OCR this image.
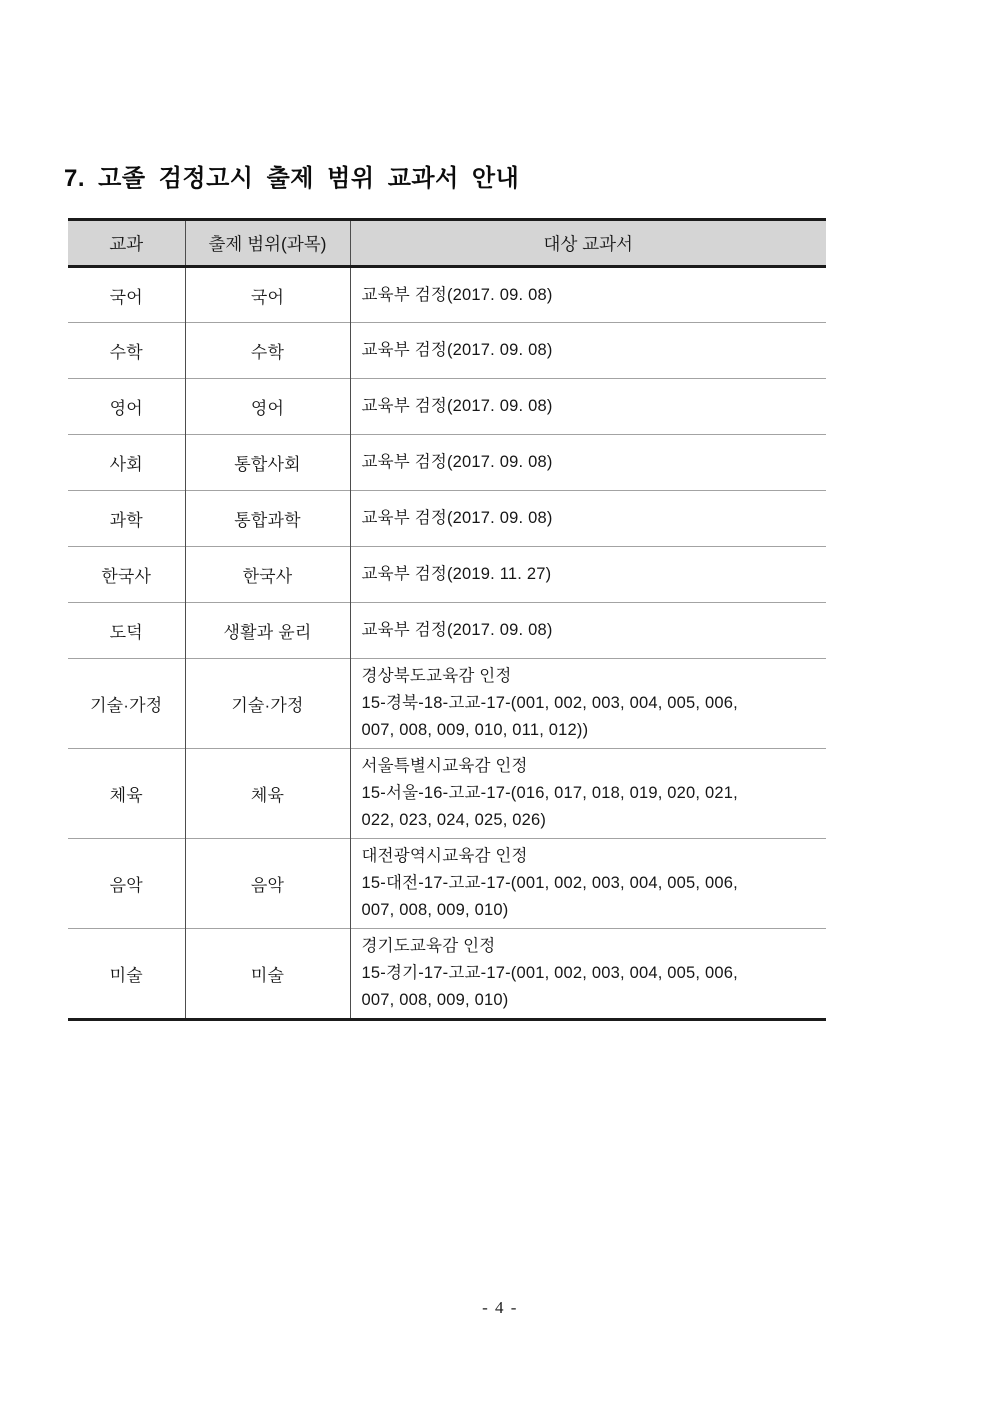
7. 고졸 검정고시 출제 범위 교과서 안내
교과	출제 범위(과목)	대상 교과서
국어	국어	교육부 검정(2017. 09. 08)

수학	수학	교육부 검정(2017. 09. 08)

영어	영어	교육부 검정(2017. 09. 08)

사회	통합사회	교육부 검정(2017. 09. 08)

과학	통합과학	교육부 검정(2017. 09. 08)

한국사	한국사	교육부 검정(2019. 11. 27)

도덕	생활과 윤리	교육부 검정(2017. 09. 08)

기술·가정	기술·가정	경상북도교육감 인정
15-경북-18-고교-17-(001, 002, 003, 004, 005, 006,
007, 008, 009, 010, 011, 012))

체육	체육	서울특별시교육감 인정
15-서울-16-고교-17-(016, 017, 018, 019, 020, 021,
022, 023, 024, 025, 026)

음악	음악	대전광역시교육감 인정
15-대전-17-고교-17-(001, 002, 003, 004, 005, 006,
007, 008, 009, 010)

미술	미술	경기도교육감 인정
15-경기-17-고교-17-(001, 002, 003, 004, 005, 006,
007, 008, 009, 010)
- 4 -
